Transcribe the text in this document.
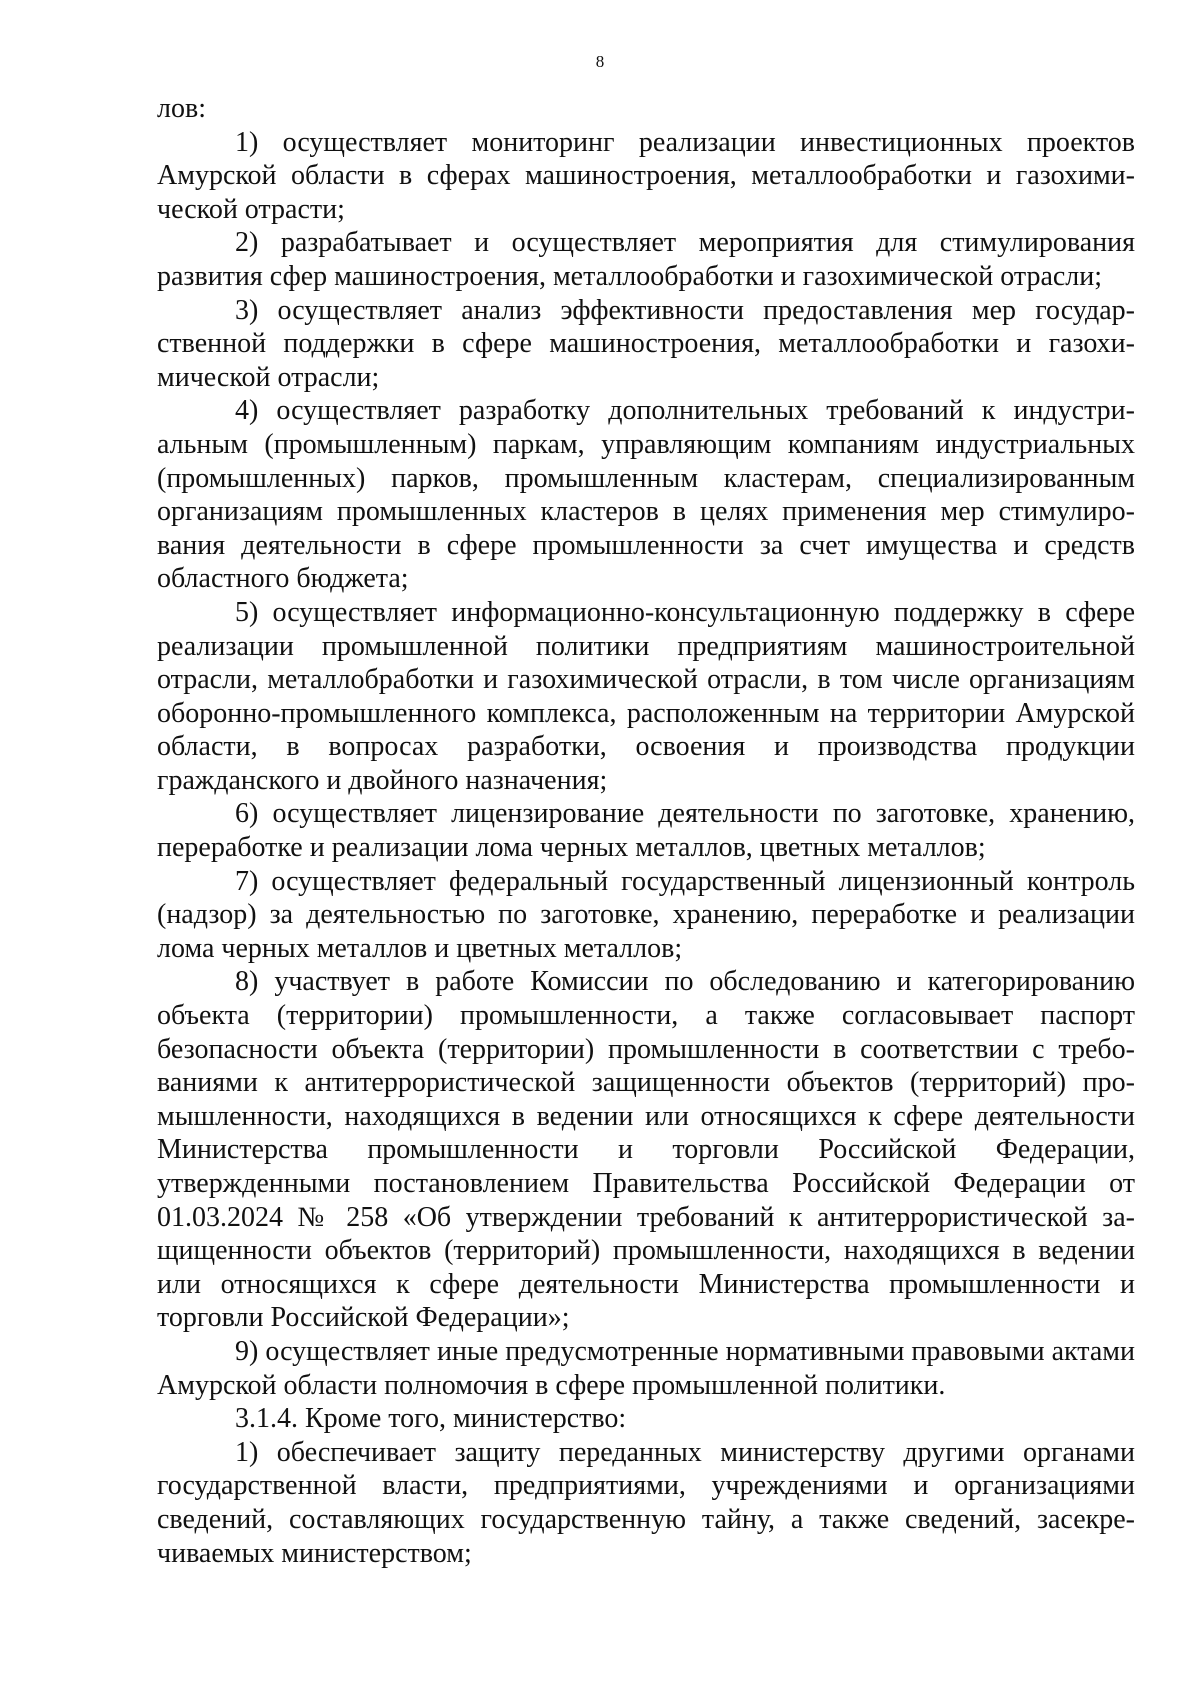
8

лов:

1) осуществляет мониторинг реализации инвестиционных проектов Амурской области в сферах машиностроения, металлообработки и газохимической отрасти;

2) разрабатывает и осуществляет мероприятия для стимулирования развития сфер машиностроения, металлообработки и газохимической отрасли;

3) осуществляет анализ эффективности предоставления мер государственной поддержки в сфере машиностроения, металлообработки и газохимической отрасли;

4) осуществляет разработку дополнительных требований к индустриальным (промышленным) паркам, управляющим компаниям индустриальных (промышленных) парков, промышленным кластерам, специализированным организациям промышленных кластеров в целях применения мер стимулирования деятельности в сфере промышленности за счет имущества и средств областного бюджета;

5) осуществляет информационно-консультационную поддержку в сфере реализации промышленной политики предприятиям машиностроительной отрасли, металлобработки и газохимической отрасли, в том числе организациям оборонно-промышленного комплекса, расположенным на территории Амурской области, в вопросах разработки, освоения и производства продукции гражданского и двойного назначения;

6) осуществляет лицензирование деятельности по заготовке, хранению, переработке и реализации лома черных металлов, цветных металлов;

7) осуществляет федеральный государственный лицензионный контроль (надзор) за деятельностью по заготовке, хранению, переработке и реализации лома черных металлов и цветных металлов;

8) участвует в работе Комиссии по обследованию и категорированию объекта (территории) промышленности, а также согласовывает паспорт безопасности объекта (территории) промышленности в соответствии с требованиями к антитеррористической защищенности объектов (территорий) промышленности, находящихся в ведении или относящихся к сфере деятельности Министерства промышленности и торговли Российской Федерации, утвержденными постановлением Правительства Российской Федерации от 01.03.2024 № 258 «Об утверждении требований к антитеррористической защищенности объектов (территорий) промышленности, находящихся в ведении или относящихся к сфере деятельности Министерства промышленности и торговли Российской Федерации»;

9) осуществляет иные предусмотренные нормативными правовыми актами Амурской области полномочия в сфере промышленной политики.

3.1.4. Кроме того, министерство:

1) обеспечивает защиту переданных министерству другими органами государственной власти, предприятиями, учреждениями и организациями сведений, составляющих государственную тайну, а также сведений, засекречиваемых министерством;
